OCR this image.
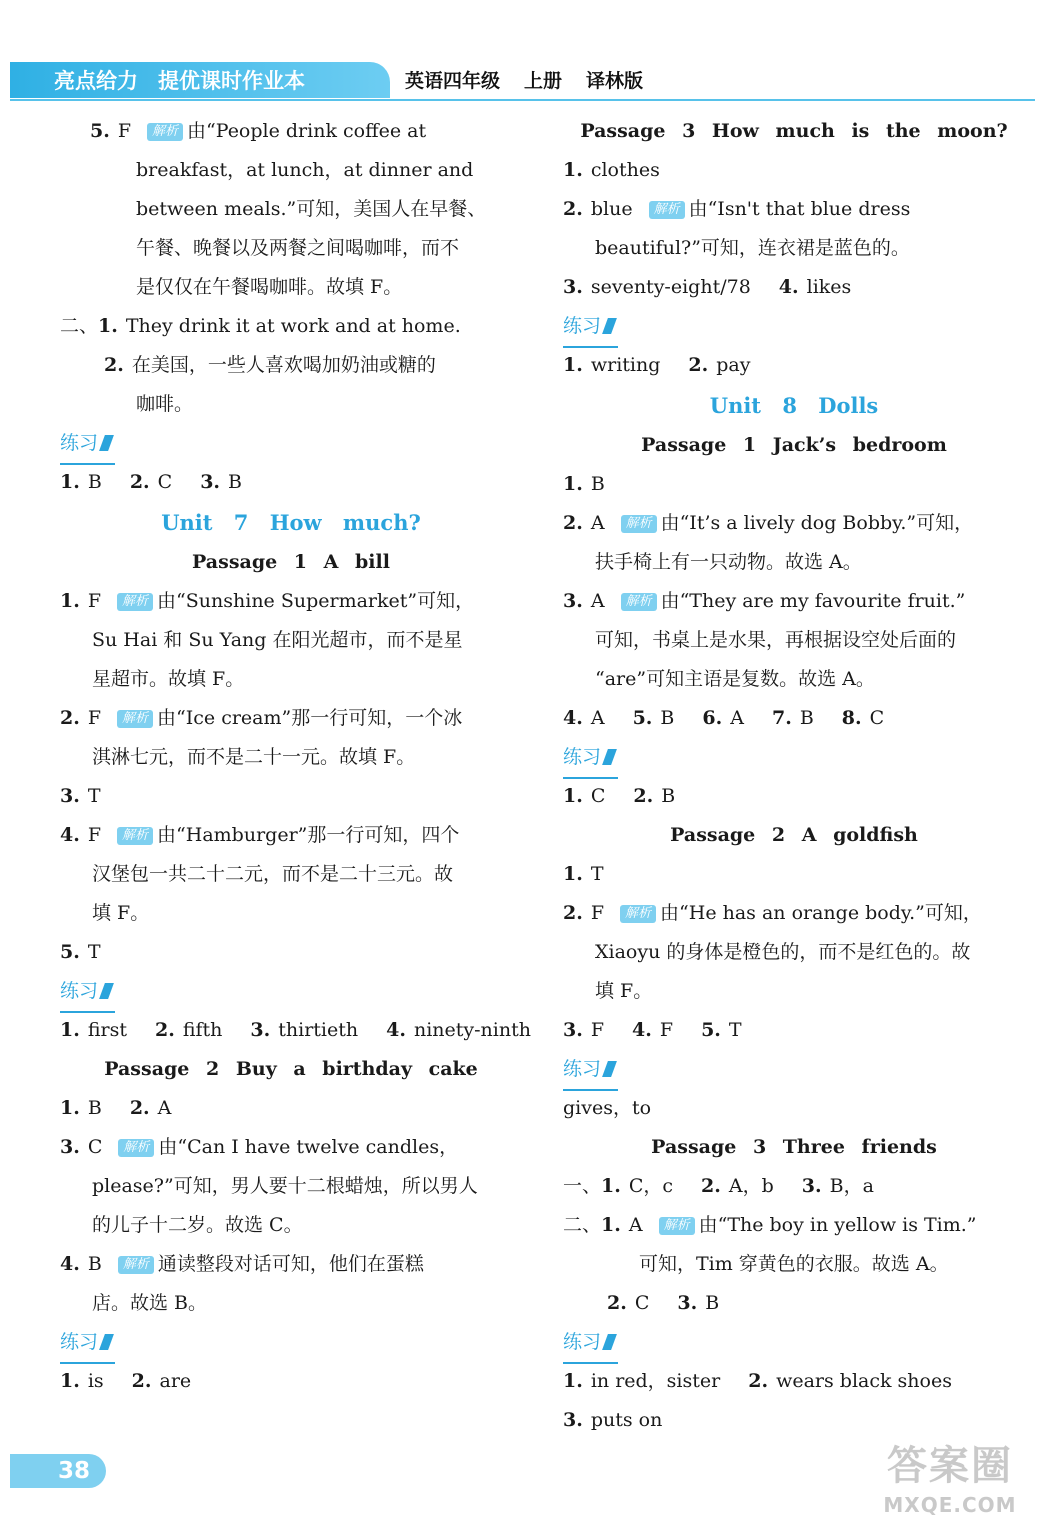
亮点给力 提优课时作业本	英语四年级 上册 译林版
5. F 解析 由“People drink coffee at
breakfast，at lunch，at dinner and
between meals.”可知，美国人在早餐、
午餐、晚餐以及两餐之间喝咖啡，而不
是仅仅在午餐喝咖啡。故填 F。
二、1. They drink it at work and at home.
2. 在美国，一些人喜欢喝加奶油或糖的
咖啡。
练习
1. B 2. C 3. B
Unit 7 How much?
Passage 1 A bill
1. F 解析 由“Sunshine Supermarket”可知，
Su Hai 和 Su Yang 在阳光超市，而不是星
星超市。故填 F。
2. F 解析 由“Ice cream”那一行可知，一个冰
淇淋七元，而不是二十一元。故填 F。
3. T
4. F 解析 由“Hamburger”那一行可知，四个
汉堡包一共二十二元，而不是二十三元。故
填 F。
5. T
练习
1. first 2. fifth 3. thirtieth 4. ninety-ninth
Passage 2 Buy a birthday cake
1. B 2. A
3. C 解析 由“Can I have twelve candles，
please?”可知，男人要十二根蜡烛，所以男人
的儿子十二岁。故选 C。
4. B 解析 通读整段对话可知，他们在蛋糕
店。故选 B。
练习
1. is 2. are
Passage 3 How much is the moon?
1. clothes
2. blue 解析 由“Isn't that blue dress
beautiful?”可知，连衣裙是蓝色的。
3. seventy-eight/78 4. likes
练习
1. writing 2. pay
Unit 8 Dolls
Passage 1 Jack’s bedroom
1. B
2. A 解析 由“It’s a lively dog Bobby.”可知，
扶手椅上有一只动物。故选 A。
3. A 解析 由“They are my favourite fruit.”
可知，书桌上是水果，再根据设空处后面的
“are”可知主语是复数。故选 A。
4. A 5. B 6. A 7. B 8. C
练习
1. C 2. B
Passage 2 A goldfish
1. T
2. F 解析 由“He has an orange body.”可知，
Xiaoyu 的身体是橙色的，而不是红色的。故
填 F。
3. F 4. F 5. T
练习
gives，to
Passage 3 Three friends
一、1. C，c 2. A，b 3. B，a
二、1. A 解析 由“The boy in yellow is Tim.”
可知，Tim 穿黄色的衣服。故选 A。
2. C 3. B
练习
1. in red，sister 2. wears black shoes
3. puts on
38	答案圈
MXQE.COM
